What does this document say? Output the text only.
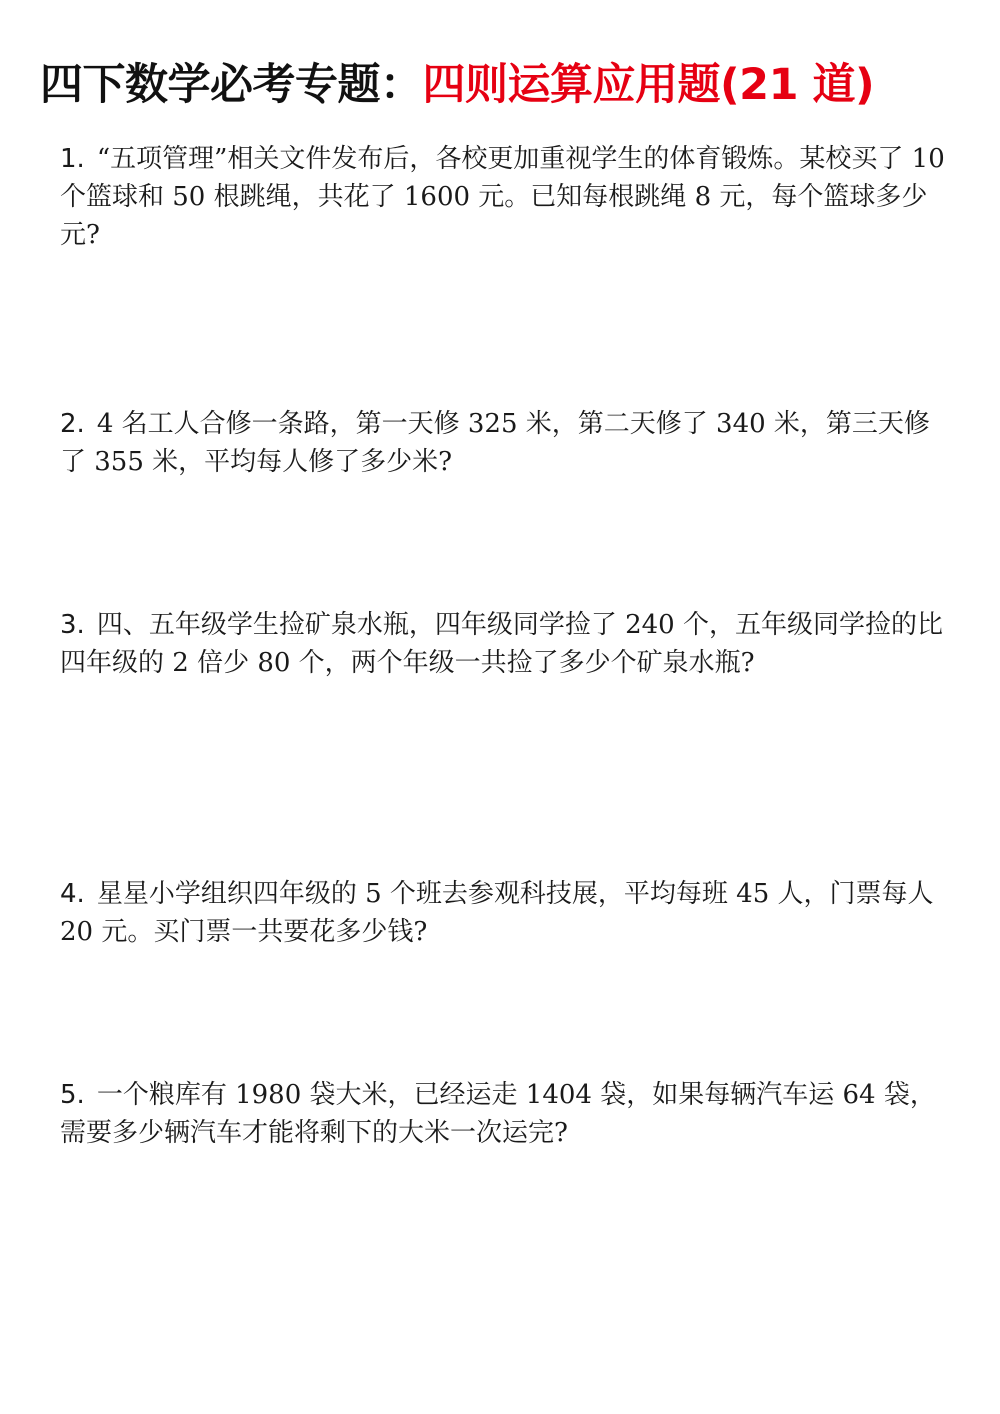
四下数学必考专题：四则运算应用题(21 道)
1. “五项管理”相关文件发布后，各校更加重视学生的体育锻炼。某校买了 10 个篮球和 50 根跳绳，共花了 1600 元。已知每根跳绳 8 元，每个篮球多少元?
2. 4 名工人合修一条路，第一天修 325 米，第二天修了 340 米，第三天修了 355 米，平均每人修了多少米?
3. 四、五年级学生捡矿泉水瓶，四年级同学捡了 240 个，五年级同学捡的比四年级的 2 倍少 80 个，两个年级一共捡了多少个矿泉水瓶?
4. 星星小学组织四年级的 5 个班去参观科技展，平均每班 45 人，门票每人 20 元。买门票一共要花多少钱?
5. 一个粮库有 1980 袋大米，已经运走 1404 袋，如果每辆汽车运 64 袋，需要多少辆汽车才能将剩下的大米一次运完?
